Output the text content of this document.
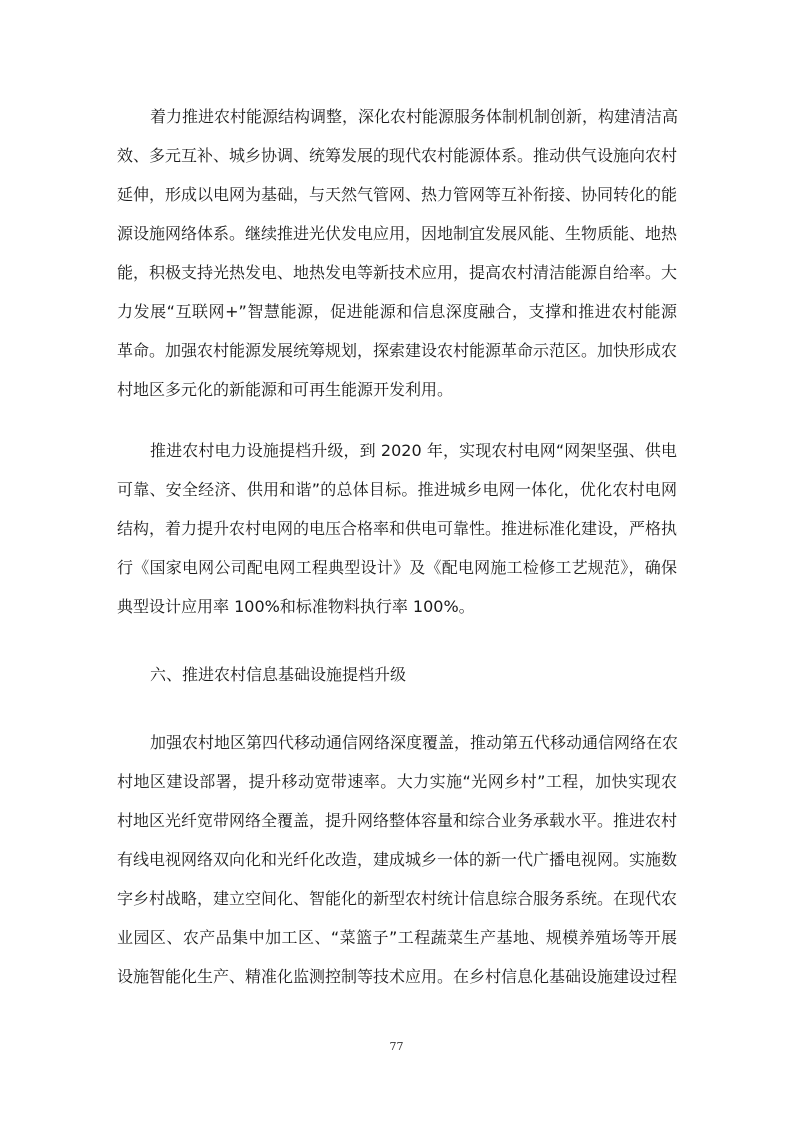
着力推进农村能源结构调整，深化农村能源服务体制机制创新，构建清洁高
效、多元互补、城乡协调、统筹发展的现代农村能源体系。推动供气设施向农村
延伸，形成以电网为基础，与天然气管网、热力管网等互补衔接、协同转化的能
源设施网络体系。继续推进光伏发电应用，因地制宜发展风能、生物质能、地热
能，积极支持光热发电、地热发电等新技术应用，提高农村清洁能源自给率。大
力发展“互联网+”智慧能源，促进能源和信息深度融合，支撑和推进农村能源
革命。加强农村能源发展统筹规划，探索建设农村能源革命示范区。加快形成农
村地区多元化的新能源和可再生能源开发利用。
推进农村电力设施提档升级，到 2020 年，实现农村电网“网架坚强、供电
可靠、安全经济、供用和谐”的总体目标。推进城乡电网一体化，优化农村电网
结构，着力提升农村电网的电压合格率和供电可靠性。推进标准化建设，严格执
行《国家电网公司配电网工程典型设计》及《配电网施工检修工艺规范》，确保
典型设计应用率 100%和标准物料执行率 100%。
六、推进农村信息基础设施提档升级
加强农村地区第四代移动通信网络深度覆盖，推动第五代移动通信网络在农
村地区建设部署，提升移动宽带速率。大力实施“光网乡村”工程，加快实现农
村地区光纤宽带网络全覆盖，提升网络整体容量和综合业务承载水平。推进农村
有线电视网络双向化和光纤化改造，建成城乡一体的新一代广播电视网。实施数
字乡村战略，建立空间化、智能化的新型农村统计信息综合服务系统。在现代农
业园区、农产品集中加工区、“菜篮子”工程蔬菜生产基地、规模养殖场等开展
设施智能化生产、精准化监测控制等技术应用。在乡村信息化基础设施建设过程
77
